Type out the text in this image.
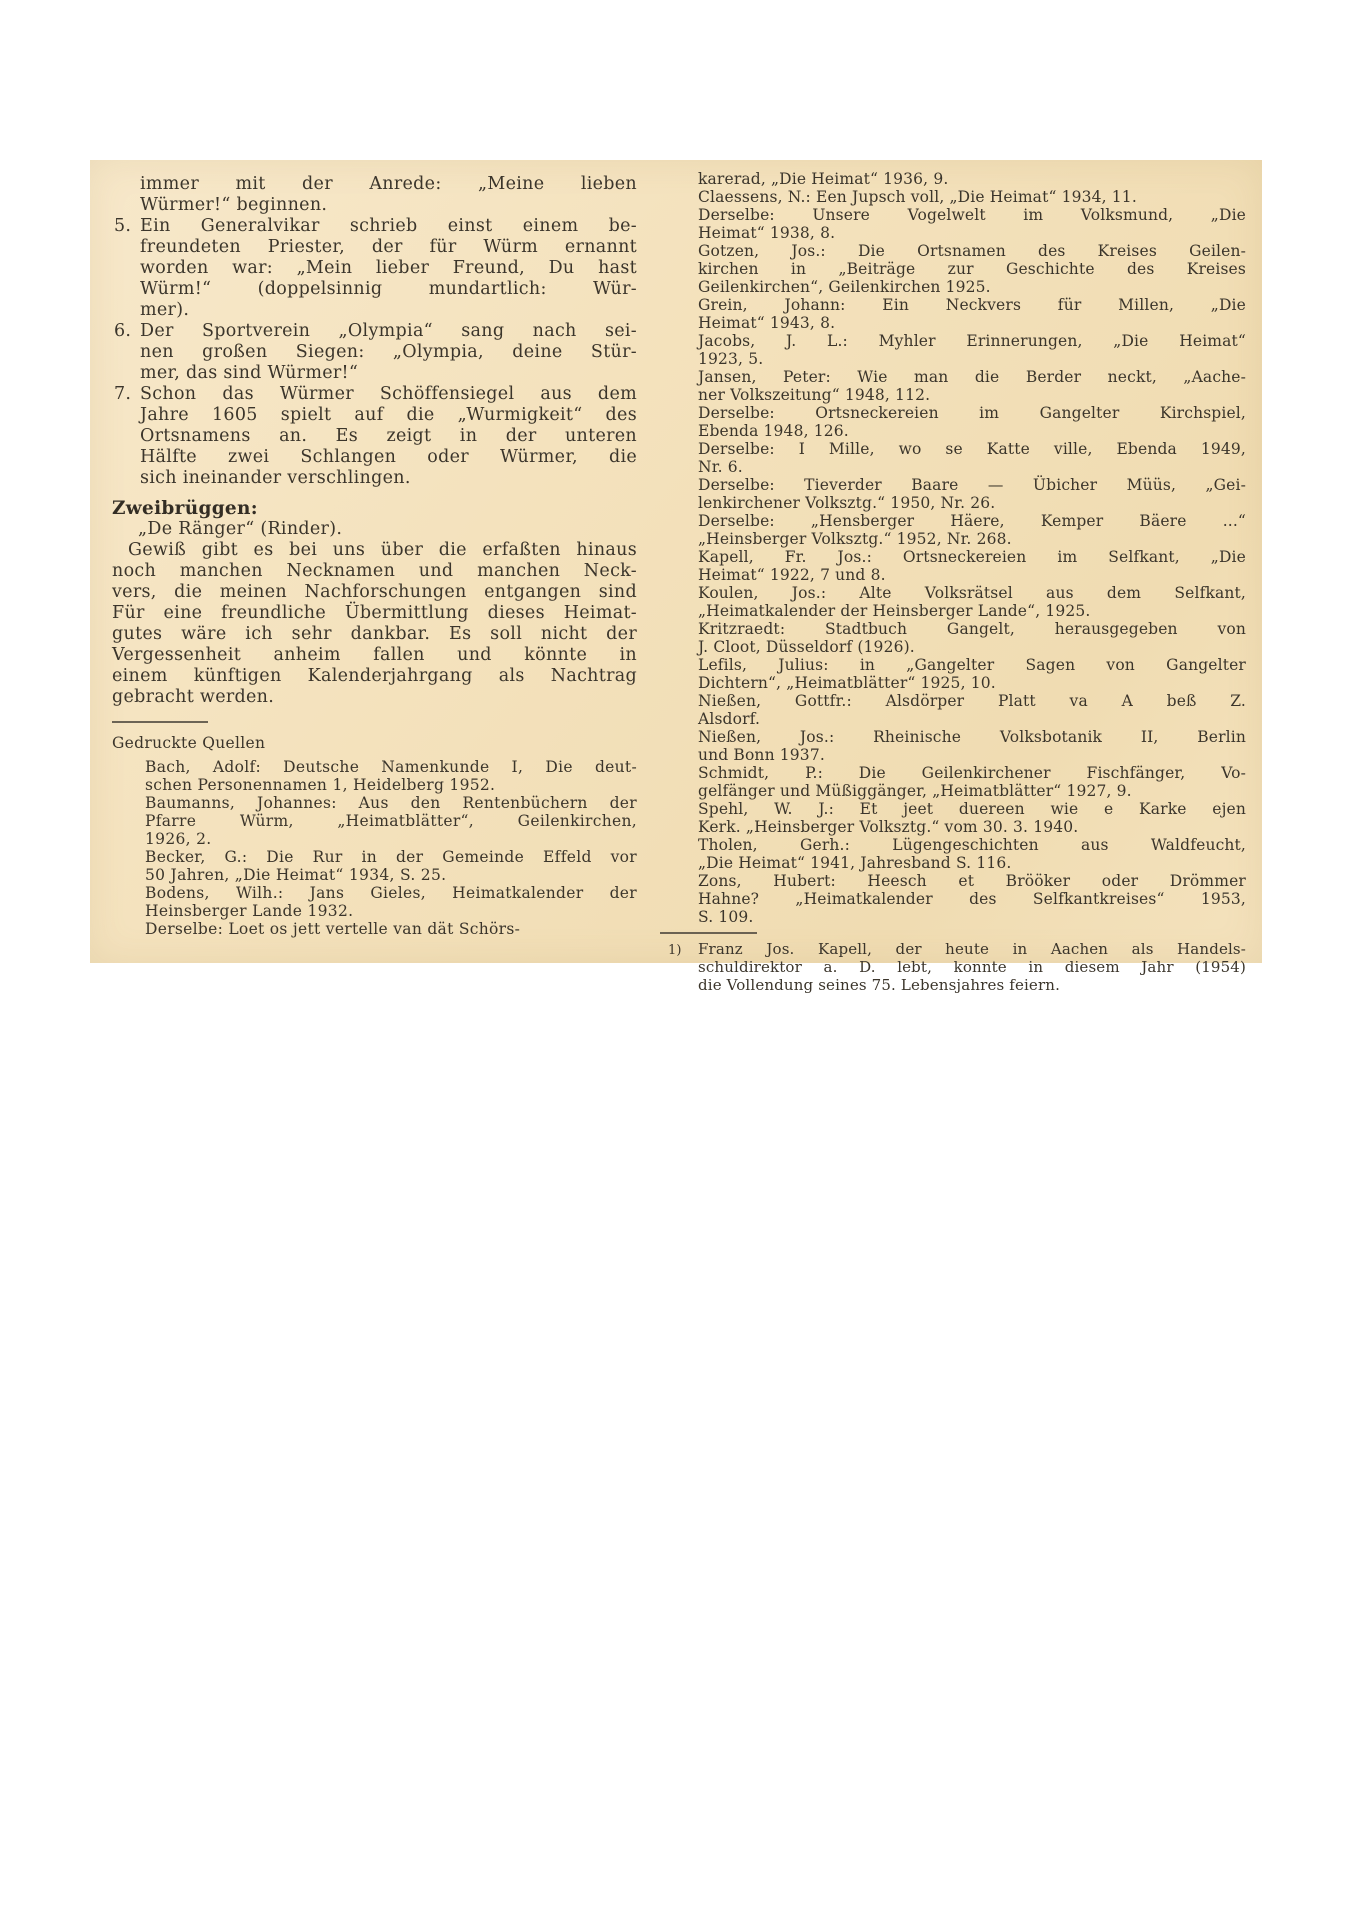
immer mit der Anrede: „Meine lieben
Würmer!“ beginnen.
5. Ein Generalvikar schrieb einst einem be-
freundeten Priester, der für Würm ernannt
worden war: „Mein lieber Freund, Du hast
Würm!“ (doppelsinnig mundartlich: Wür-
mer).
6. Der Sportverein „Olympia“ sang nach sei-
nen großen Siegen: „Olympia, deine Stür-
mer, das sind Würmer!“
7. Schon das Würmer Schöffensiegel aus dem
Jahre 1605 spielt auf die „Wurmigkeit“ des
Ortsnamens an. Es zeigt in der unteren
Hälfte zwei Schlangen oder Würmer, die
sich ineinander verschlingen.
Zweibrüggen:
„De Ränger“ (Rinder).
Gewiß gibt es bei uns über die erfaßten hinaus
noch manchen Necknamen und manchen Neck-
vers, die meinen Nachforschungen entgangen sind
Für eine freundliche Übermittlung dieses Heimat-
gutes wäre ich sehr dankbar. Es soll nicht der
Vergessenheit anheim fallen und könnte in
einem künftigen Kalenderjahrgang als Nachtrag
gebracht werden.
Gedruckte Quellen
Bach, Adolf: Deutsche Namenkunde I, Die deut-
schen Personennamen 1, Heidelberg 1952.
Baumanns, Johannes: Aus den Rentenbüchern der
Pfarre Würm, „Heimatblätter“, Geilenkirchen,
1926, 2.
Becker, G.: Die Rur in der Gemeinde Effeld vor
50 Jahren, „Die Heimat“ 1934, S. 25.
Bodens, Wilh.: Jans Gieles, Heimatkalender der
Heinsberger Lande 1932.
Derselbe: Loet os jett vertelle van dät Schörs-
karerad, „Die Heimat“ 1936, 9.
Claessens, N.: Een Jupsch voll, „Die Heimat“ 1934, 11.
Derselbe: Unsere Vogelwelt im Volksmund, „Die
Heimat“ 1938, 8.
Gotzen, Jos.: Die Ortsnamen des Kreises Geilen-
kirchen in „Beiträge zur Geschichte des Kreises
Geilenkirchen“, Geilenkirchen 1925.
Grein, Johann: Ein Neckvers für Millen, „Die
Heimat“ 1943, 8.
Jacobs, J. L.: Myhler Erinnerungen, „Die Heimat“
1923, 5.
Jansen, Peter: Wie man die Berder neckt, „Aache-
ner Volkszeitung“ 1948, 112.
Derselbe: Ortsneckereien im Gangelter Kirchspiel,
Ebenda 1948, 126.
Derselbe: I Mille, wo se Katte ville, Ebenda 1949,
Nr. 6.
Derselbe: Tieverder Baare — Übicher Müüs, „Gei-
lenkirchener Volksztg.“ 1950, Nr. 26.
Derselbe: „Hensberger Häere, Kemper Bäere ...“
„Heinsberger Volksztg.“ 1952, Nr. 268.
Kapell, Fr. Jos.: Ortsneckereien im Selfkant, „Die
Heimat“ 1922, 7 und 8.
Koulen, Jos.: Alte Volksrätsel aus dem Selfkant,
„Heimatkalender der Heinsberger Lande“, 1925.
Kritzraedt: Stadtbuch Gangelt, herausgegeben von
J. Cloot, Düsseldorf (1926).
Lefils, Julius: in „Gangelter Sagen von Gangelter
Dichtern“, „Heimatblätter“ 1925, 10.
Nießen, Gottfr.: Alsdörper Platt va A beß Z.
Alsdorf.
Nießen, Jos.: Rheinische Volksbotanik II, Berlin
und Bonn 1937.
Schmidt, P.: Die Geilenkirchener Fischfänger, Vo-
gelfänger und Müßiggänger, „Heimatblätter“ 1927, 9.
Spehl, W. J.: Et jeet duereen wie e Karke ejen
Kerk. „Heinsberger Volksztg.“ vom 30. 3. 1940.
Tholen, Gerh.: Lügengeschichten aus Waldfeucht,
„Die Heimat“ 1941, Jahresband S. 116.
Zons, Hubert: Heesch et Brööker oder Drömmer
Hahne? „Heimatkalender des Selfkantkreises“ 1953,
S. 109.
1)	Franz Jos. Kapell, der heute in Aachen als Handels-
schuldirektor a. D. lebt, konnte in diesem Jahr (1954)
die Vollendung seines 75. Lebensjahres feiern.
